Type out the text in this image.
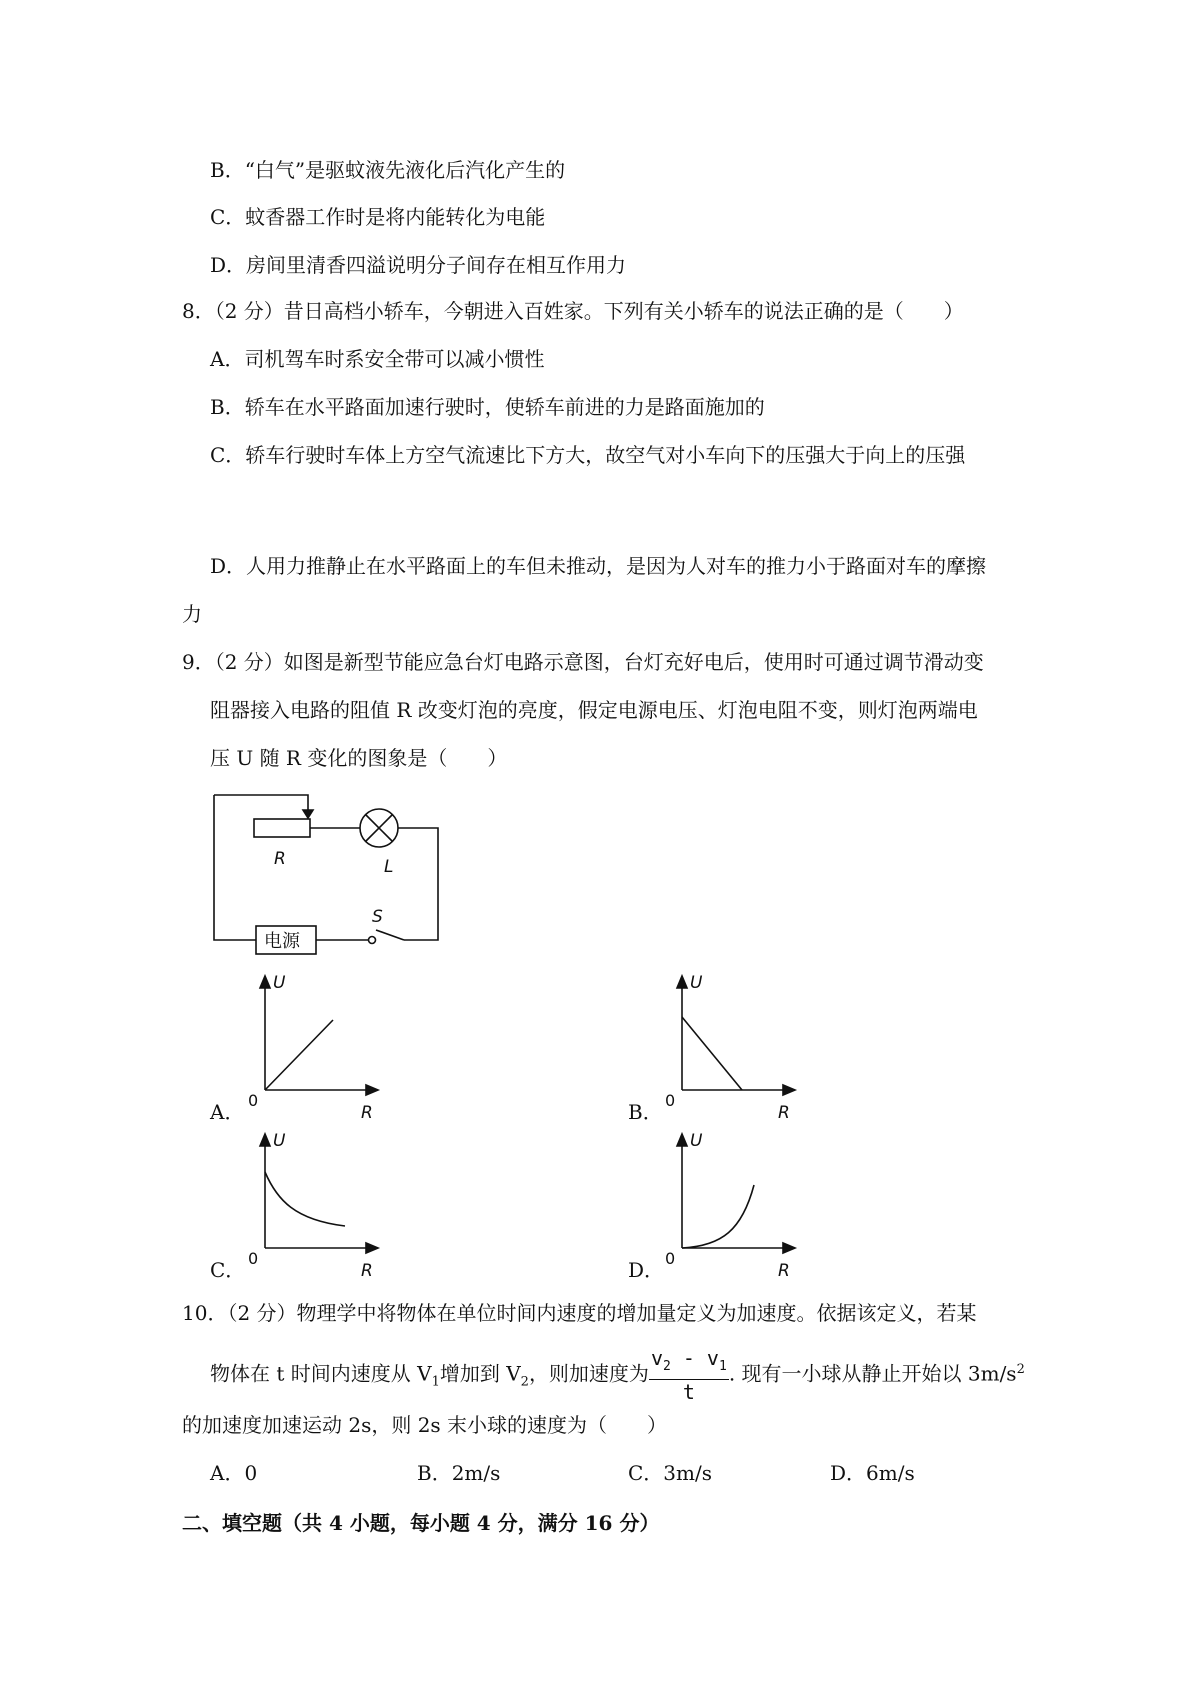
B．“白气”是驱蚊液先液化后汽化产生的
C．蚊香器工作时是将内能转化为电能
D．房间里清香四溢说明分子间存在相互作用力
8．（2 分）昔日高档小轿车，今朝进入百姓家。下列有关小轿车的说法正确的是（　　）
A．司机驾车时系安全带可以减小惯性
B．轿车在水平路面加速行驶时，使轿车前进的力是路面施加的
C．轿车行驶时车体上方空气流速比下方大，故空气对小车向下的压强大于向上的压强
D．人用力推静止在水平路面上的车但未推动，是因为人对车的推力小于路面对车的摩擦
力
9．（2 分）如图是新型节能应急台灯电路示意图，台灯充好电后，使用时可通过调节滑动变
阻器接入电路的阻值 R 改变灯泡的亮度，假定电源电压、灯泡电阻不变，则灯泡两端电
压 U 随 R 变化的图象是（　　）
R	L
S
电源
A．
U
0
R	B．
U
0
R
C．
U
0
R	D．
U
0
R
10．（2 分）物理学中将物体在单位时间内速度的增加量定义为加速度。依据该定义，若某
物体在 t 时间内速度从 $V_1$增加到 $V_2$，则加速度为 $\frac{v_2 - v_1}{t}$ . 现有一小球从静止开始以 $3m/s^2$
的加速度加速运动 2s，则 2s 末小球的速度为（　　）
A．0	B．2m/s	C．3m/s	D．6m/s
二、填空题（共 4 小题，每小题 4 分，满分 16 分）
